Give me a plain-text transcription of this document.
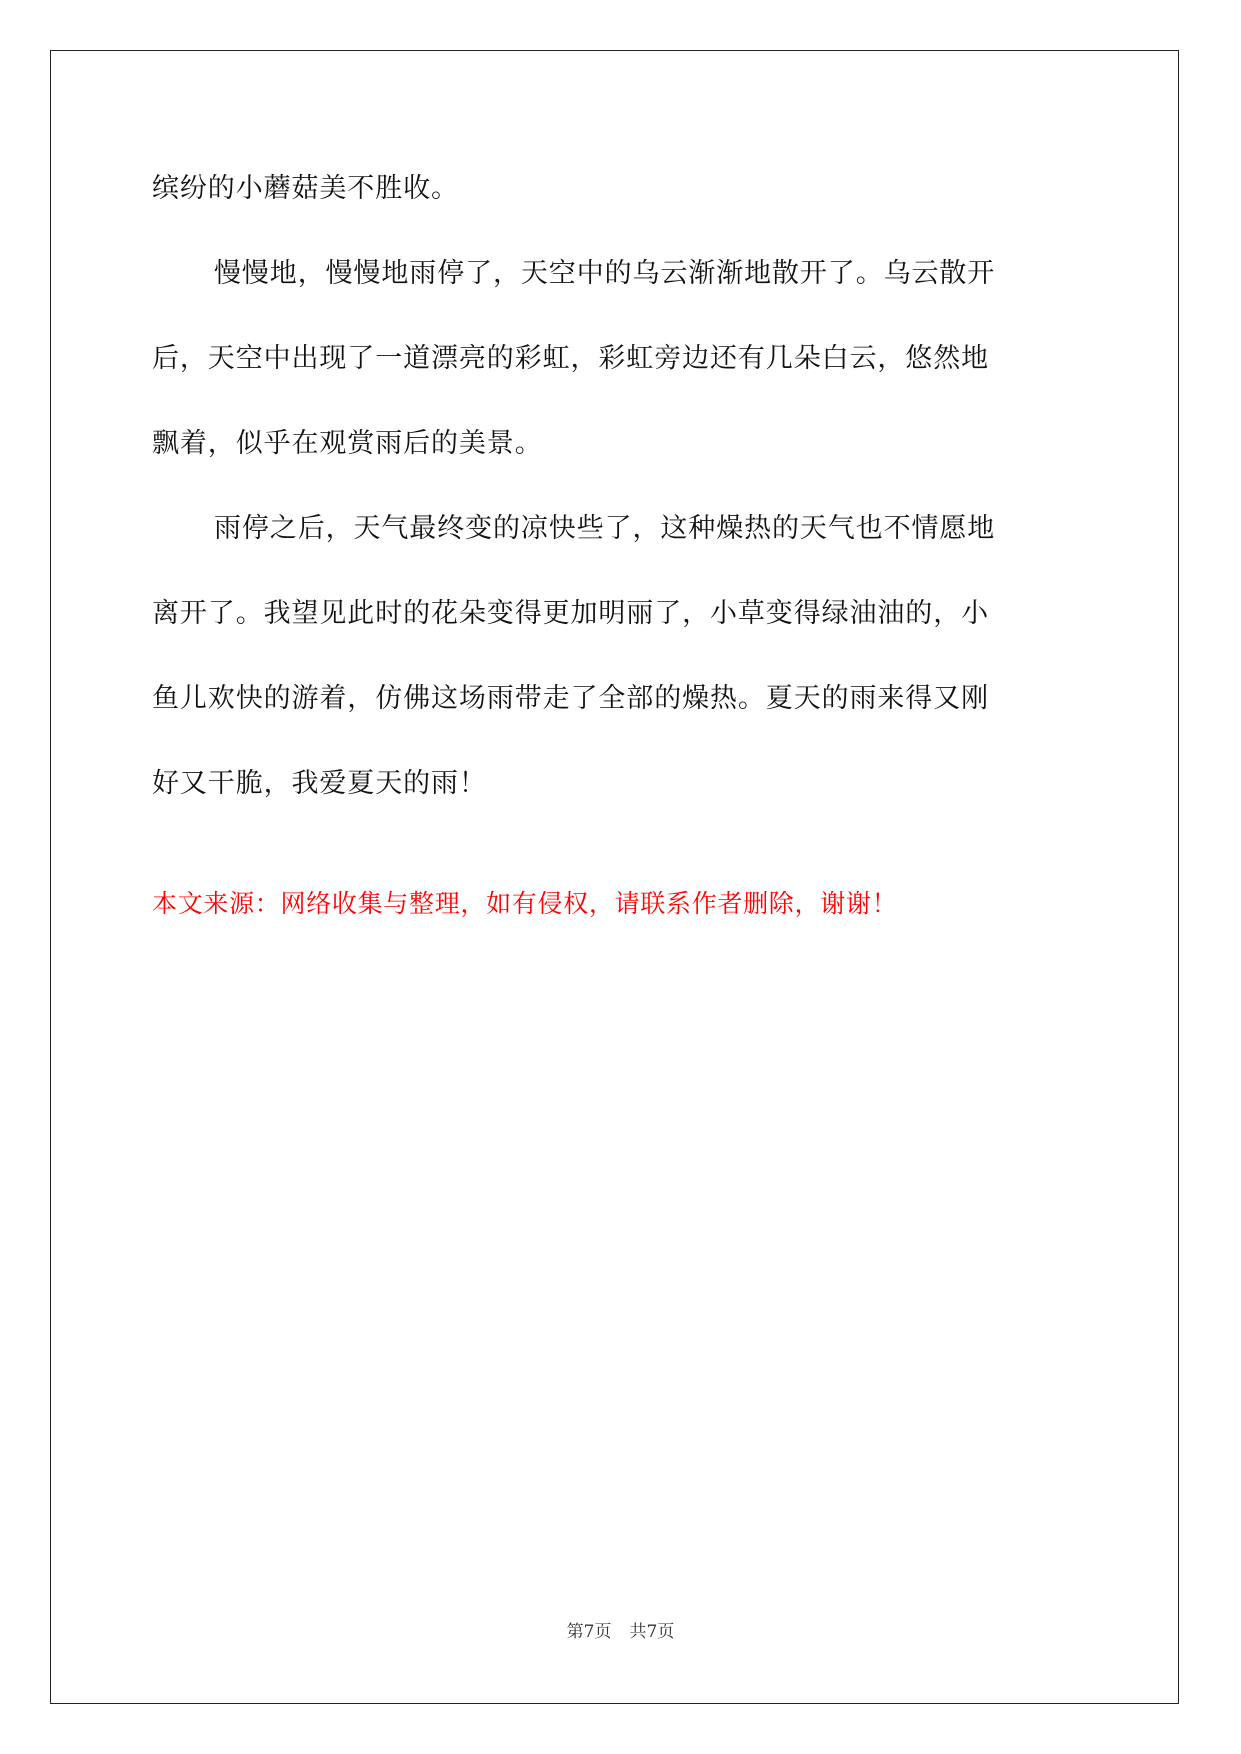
缤纷的小蘑菇美不胜收。
慢慢地，慢慢地雨停了，天空中的乌云渐渐地散开了。乌云散开
后，天空中出现了一道漂亮的彩虹，彩虹旁边还有几朵白云，悠然地
飘着，似乎在观赏雨后的美景。
雨停之后，天气最终变的凉快些了，这种燥热的天气也不情愿地
离开了。我望见此时的花朵变得更加明丽了，小草变得绿油油的，小
鱼儿欢快的游着，仿佛这场雨带走了全部的燥热。夏天的雨来得又刚
好又干脆，我爱夏天的雨！
本文来源：网络收集与整理，如有侵权，请联系作者删除，谢谢！
第7页 共7页
